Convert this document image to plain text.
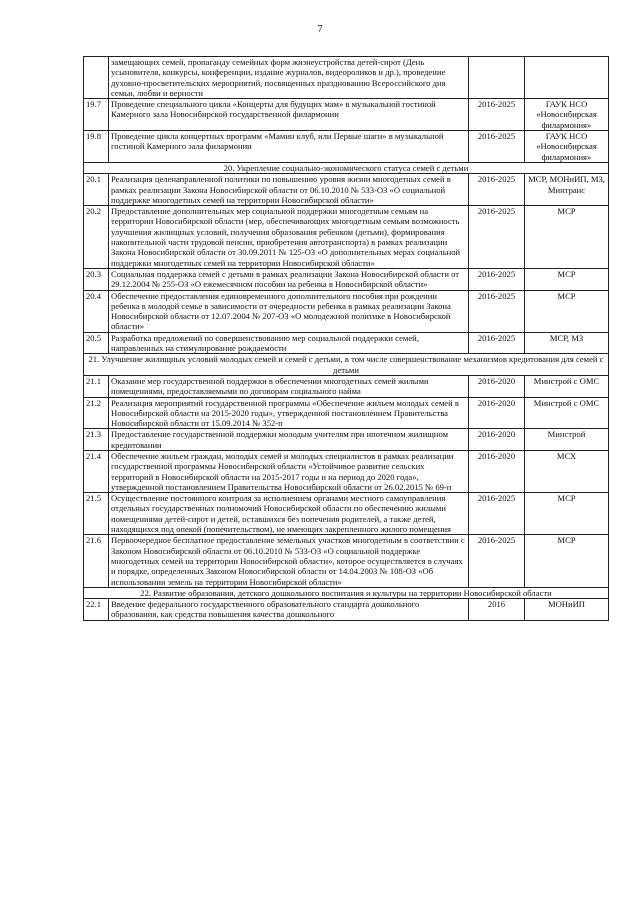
7
	замещающих семей, пропаганду семейных форм жизнеустройства детей-сирот (День усыновителя, конкурсы, конференции, издание журналов, видеороликов и др.), проведение духовно-просветительских мероприятий, посвященных празднованию Всероссийского дня семьи, любви и верности		
19.7	Проведение специального цикла «Концерты для будущих мам» в музыкальной гостиной Камерного зала Новосибирской государственной филармонии	2016-2025	ГАУК НСО «Новосибирская филармония»
19.8	Проведение цикла концертных программ «Мамин клуб, или Первые шаги» в музыкальной гостиной Камерного зала филармонии	2016-2025	ГАУК НСО «Новосибирская филармония»
20. Укрепление социально-экономического статуса семей с детьми			
20.1	Реализация целенаправленной политики по повышению уровня жизни многодетных семей в рамках реализации Закона Новосибирской области от 06.10.2010 № 533-ОЗ «О социальной поддержке многодетных семей на территории Новосибирской области»	2016-2025	МСР, МОНиИП, МЗ, Минтранс
20.2	Предоставление дополнительных мер социальной поддержки многодетным семьям на территории Новосибирской области (мер, обеспечивающих многодетным семьям возможность улучшения жилищных условий, получения образования ребенком (детьми), формирования накопительной части трудовой пенсии, приобретения автотранспорта) в рамках реализации Закона Новосибирской области от 30.09.2011 № 125-ОЗ «О дополнительных мерах социальной поддержки многодетных семей на территории Новосибирской области»	2016-2025	МСР
20.3	Социальная поддержка семей с детьми в рамках реализации Закона Новосибирской области от 29.12.2004 № 255-ОЗ «О ежемесячном пособии на ребенка в Новосибирской области»	2016-2025	МСР
20.4	Обеспечение предоставления единовременного дополнительного пособия при рождении ребенка в молодой семье в зависимости от очередности ребенка в рамках реализации Закона Новосибирской области от 12.07.2004 № 207-ОЗ «О молодежной политике в Новосибирской области»	2016-2025	МСР
20.5	Разработка предложений по совершенствованию мер социальной поддержки семей, направленных на стимулирование рождаемости	2016-2025	МСР, МЗ
21. Улучшение жилищных условий молодых семей и семей с детьми, в том числе совершенствование механизмов кредитования для семей с детьми			
21.1	Оказание мер государственной поддержки в обеспечении многодетных семей жилыми помещениями, предоставляемыми по договорам социального найма	2016-2020	Минстрой с ОМС
21.2	Реализация мероприятий государственной программы «Обеспечение жильем молодых семей в Новосибирской области на 2015-2020 годы», утвержденной постановлением Правительства Новосибирской области от 15.09.2014 № 352-п	2016-2020	Минстрой с ОМС
21.3	Предоставление государственной поддержки молодым учителям при ипотечном жилищном кредитовании	2016-2020	Минстрой
21.4	Обеспечение жильем граждан, молодых семей и молодых специалистов в рамках реализации государственной программы Новосибирской области «Устойчивое развитие сельских территорий в Новосибирской области на 2015-2017 годы и на период до 2020 года», утвержденной постановлением Правительства Новосибирской области от 26.02.2015 № 69-п	2016-2020	МСХ
21.5	Осуществление постоянного контроля за исполнением органами местного самоуправления отдельных государственных полномочий Новосибирской области по обеспечению жилыми помещениями детей-сирот и детей, оставшихся без попечения родителей, а также детей, находящихся под опекой (попечительством), не имеющих закрепленного жилого помещения	2016-2025	МСР
21.6	Первоочередное бесплатное предоставление земельных участков многодетным в соответствии с Законом Новосибирской области от 06.10.2010 № 533-ОЗ «О социальной поддержке многодетных семей на территории Новосибирской области», которое осуществляется в случаях и порядке, определенных Законом Новосибирской области от 14.04.2003 № 108-ОЗ «Об использовании земель на территории Новосибирской области»	2016-2025	МСР
22. Развитие образования, детского дошкольного воспитания и культуры на территории Новосибирской области			
22.1	Введение федерального государственного образовательного стандарта дошкольного образования, как средства повышения качества дошкольного	2016	МОНиИП
